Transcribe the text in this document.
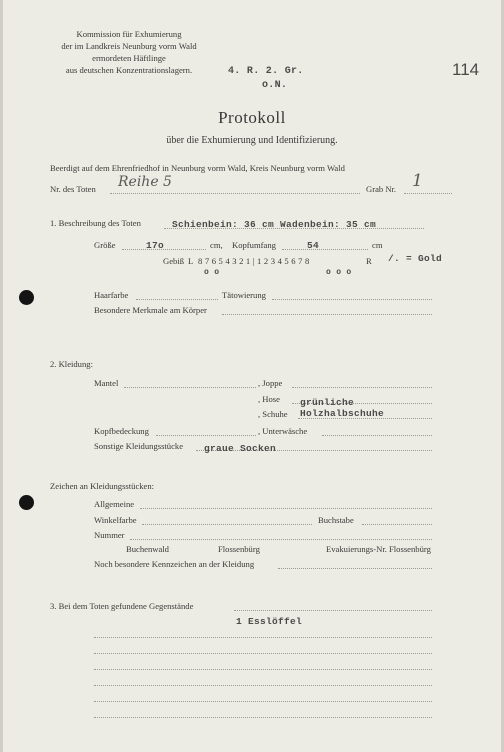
Kommission für Exhumierung
der im Landkreis Neunburg vorm Wald
ermordeten Häftlinge
aus deutschen Konzentrationslagern.	4. R. 2. Gr.
o.N.
114
Protokoll
über die Exhumierung und Identifizierung.
Beerdigt auf dem Ehrenfriedhof in Neunburg vorm Wald, Kreis Neunburg vorm Wald
Nr. des Toten Reihe 5	Grab Nr. 1
1. Beschreibung des Toten	Schienbein: 36 cm Wadenbein: 35 cm
Größe	17o	cm, Kopfumfang	54	cm
Gebiß L 8 7 6 5 4 3 2 1 | 1 2 3 4 5 6 7 8	R /. = Gold
o o	o o o
Haarfarbe	Tätowierung
Besondere Merkmale am Körper
2. Kleidung:
Mantel	, Joppe
, Hose grünliche
, Schuhe Holzhalbschuhe
Kopfbedeckung	, Unterwäsche
Sonstige Kleidungsstücke graue Socken
Zeichen an Kleidungsstücken:
Allgemeine
Winkelfarbe	Buchstabe
Nummer
Buchenwald	Flossenbürg	Evakuierungs-Nr. Flossenbürg
Noch besondere Kennzeichen an der Kleidung
3. Bei dem Toten gefundene Gegenstände
1 Esslöffel
